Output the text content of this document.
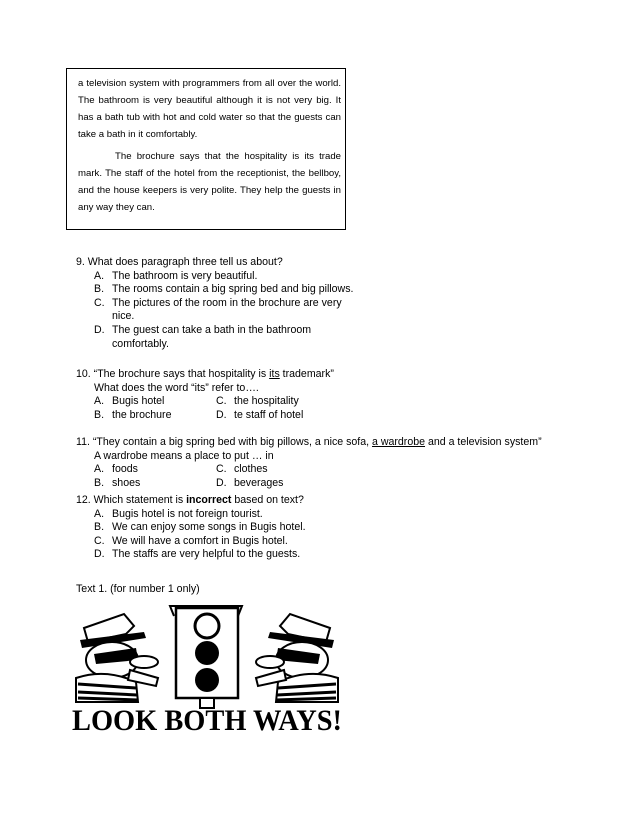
a television system with programmers from all over the world. The bathroom is very beautiful although it is not very big. It has a bath tub with hot and cold water so that the guests can take a bath in it comfortably.

The brochure says that the hospitality is its trade mark. The staff of the hotel from the receptionist, the bellboy, and the house keepers is very polite. They help the guests in any way they can.

9. What does paragraph three tell us about?
A. The bathroom is very beautiful.
B. The rooms contain a big spring bed and big pillows.
C. The pictures of the room in the brochure are very nice.
D. The guest can take a bath in the bathroom comfortably.
10. “The brochure says that hospitality is its trademark”
What does the word “its” refer to….
A. Bugis hotel	C. the hospitality
B. the brochure	D. te staff of hotel
11. “They contain a big spring bed with big pillows, a nice sofa, a wardrobe and a television system”
A wardrobe means a place to put … in
A. foods	C. clothes
B. shoes	D. beverages
12. Which statement is incorrect based on text?
A. Bugis hotel is not foreign tourist.
B. We can enjoy some songs in Bugis hotel.
C. We will have a comfort in Bugis hotel.
D. The staffs are very helpful to the guests.
Text 1. (for number 1 only)
LOOK BOTH WAYS!
